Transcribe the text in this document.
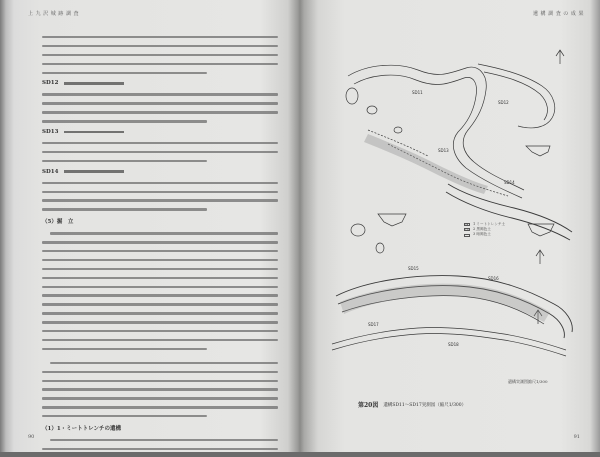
上 九 沢 城 跡 調 査
SD12
SD13
SD14
（5）掘　立
（1）1・ミートトレンチの遺構
90
遺 構 調 査 の 成 果
SD11
SD12
SD13
SD14
SD15
SD16
SD17
SD18
1 ミートトレンチ土
2 黒褐色土
3 暗褐色土
遺構実測図縮尺1/300
第20図 遺構SD11～SD17実測図（縮尺1/300）
91
